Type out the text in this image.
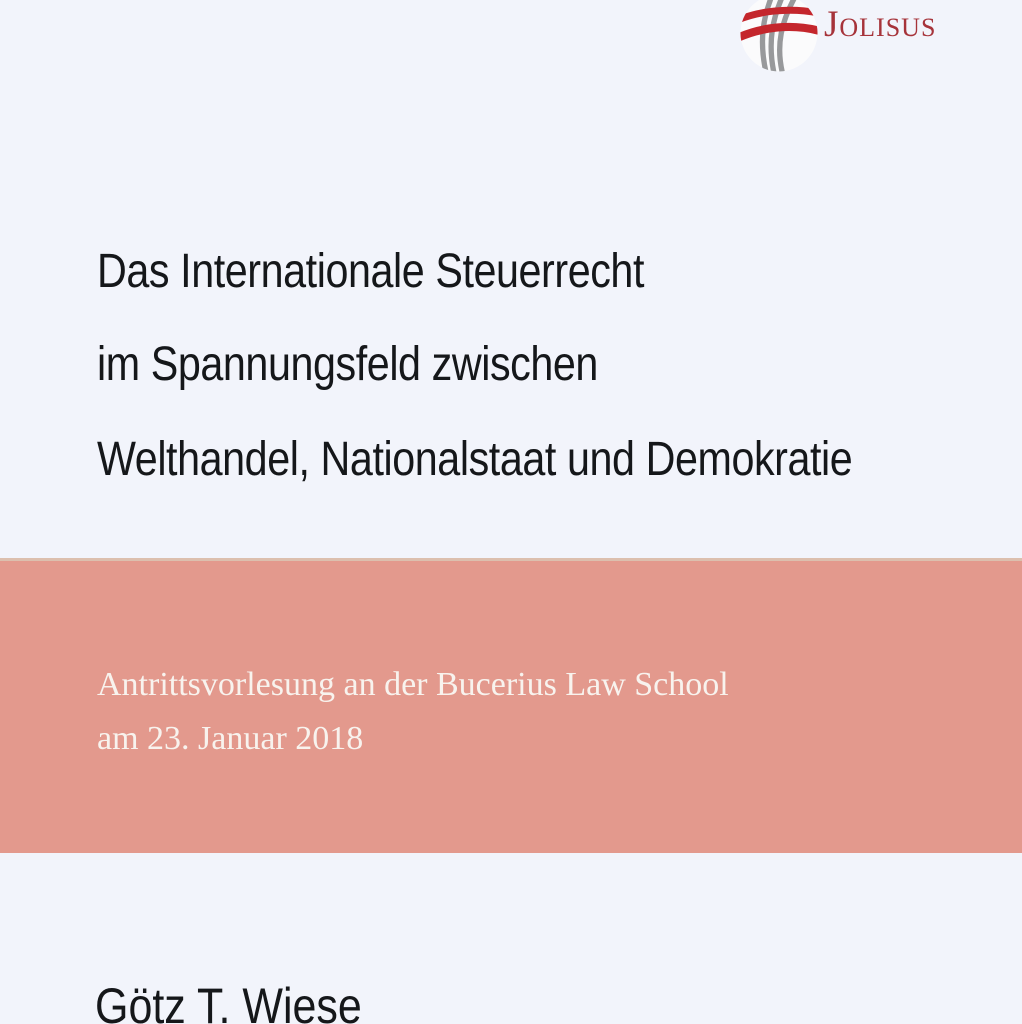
Jolisus
Das Internationale Steuerrecht
im Spannungsfeld zwischen
Welthandel, Nationalstaat und Demokratie
Antrittsvorlesung an der Bucerius Law School
am 23. Januar 2018
Götz T. Wiese
